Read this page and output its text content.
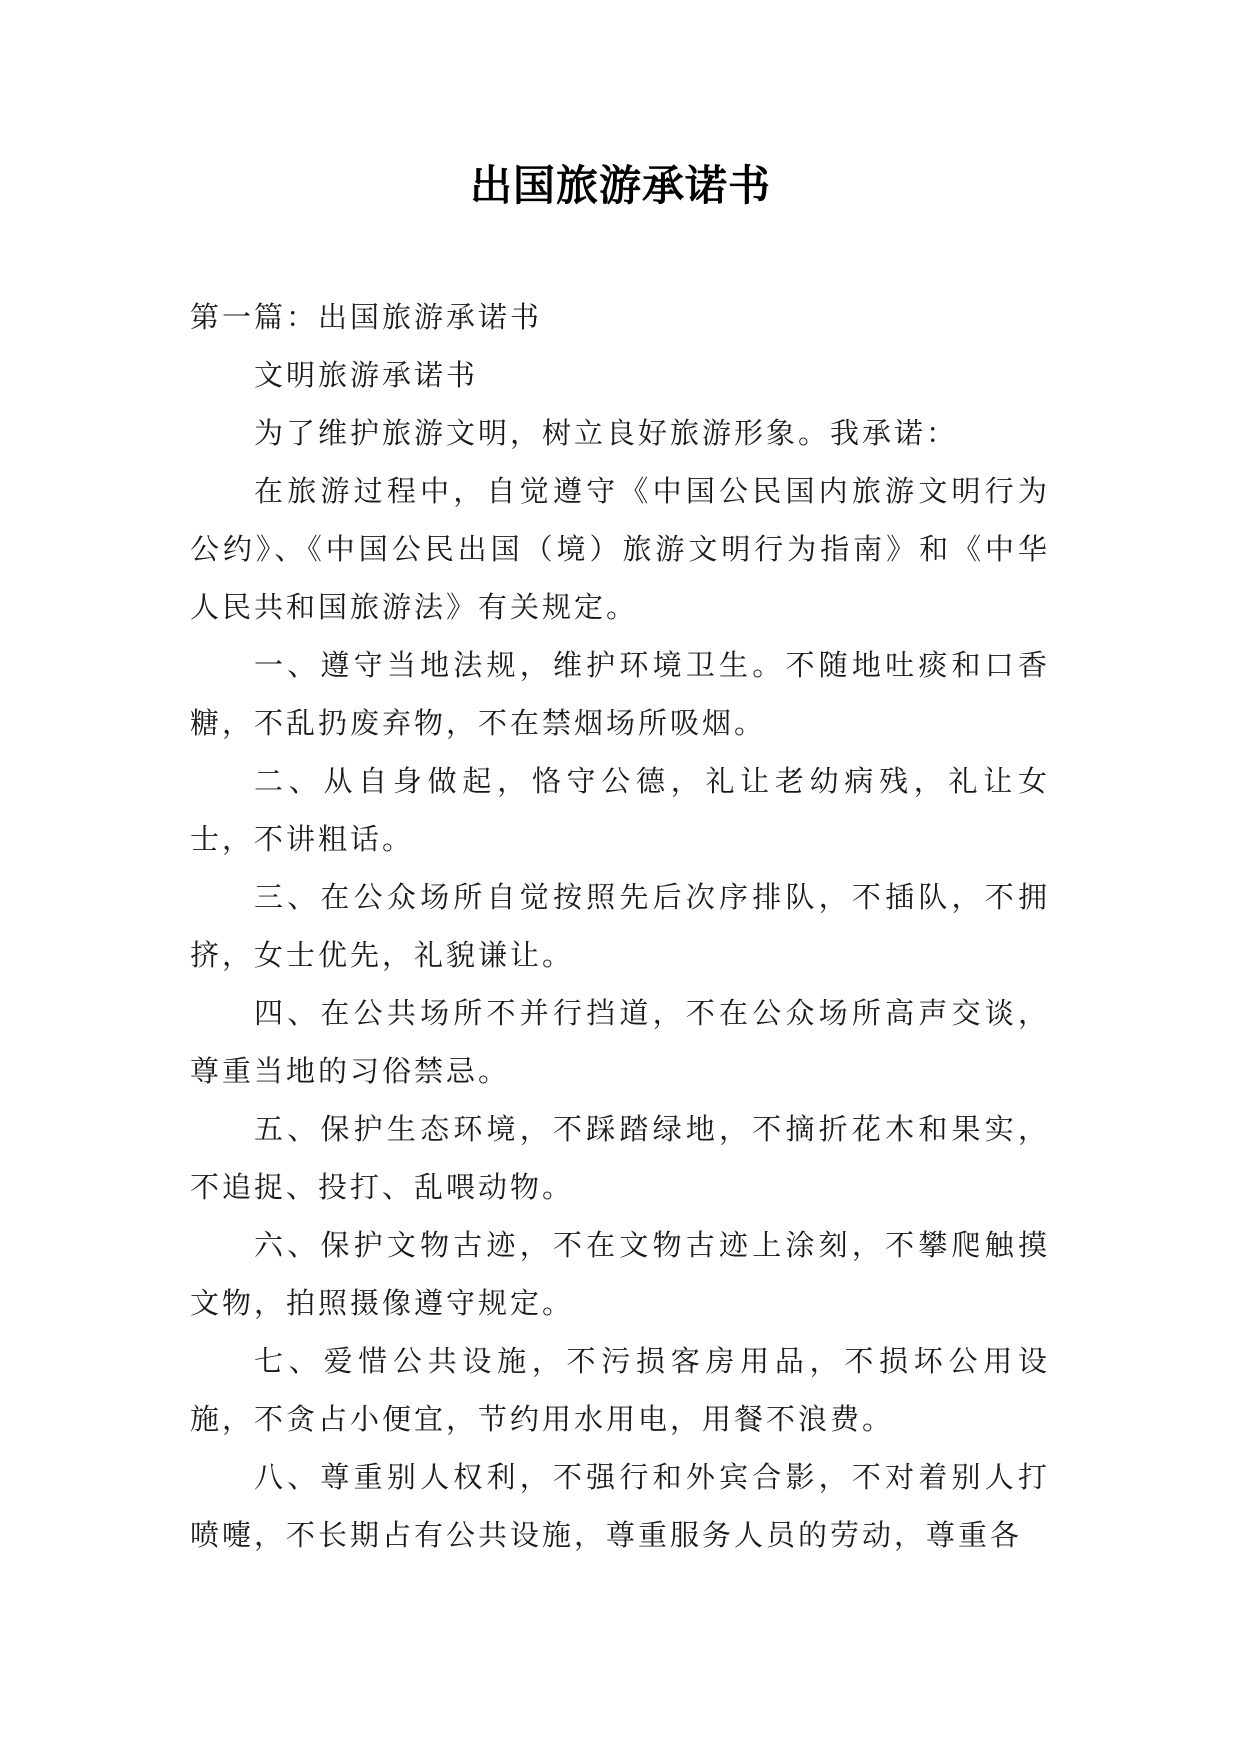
出国旅游承诺书

第一篇：出国旅游承诺书

文明旅游承诺书

为了维护旅游文明，树立良好旅游形象。我承诺：

在旅游过程中，自觉遵守《中国公民国内旅游文明行为公约》、《中国公民出国（境）旅游文明行为指南》和《中华人民共和国旅游法》有关规定。

一、遵守当地法规，维护环境卫生。不随地吐痰和口香糖，不乱扔废弃物，不在禁烟场所吸烟。

二、从自身做起，恪守公德，礼让老幼病残，礼让女士，不讲粗话。

三、在公众场所自觉按照先后次序排队，不插队，不拥挤，女士优先，礼貌谦让。

四、在公共场所不并行挡道，不在公众场所高声交谈，尊重当地的习俗禁忌。

五、保护生态环境，不踩踏绿地，不摘折花木和果实，不追捉、投打、乱喂动物。

六、保护文物古迹，不在文物古迹上涂刻，不攀爬触摸文物，拍照摄像遵守规定。

七、爱惜公共设施，不污损客房用品，不损坏公用设施，不贪占小便宜，节约用水用电，用餐不浪费。

八、尊重别人权利，不强行和外宾合影，不对着别人打喷嚏，不长期占有公共设施，尊重服务人员的劳动，尊重各
